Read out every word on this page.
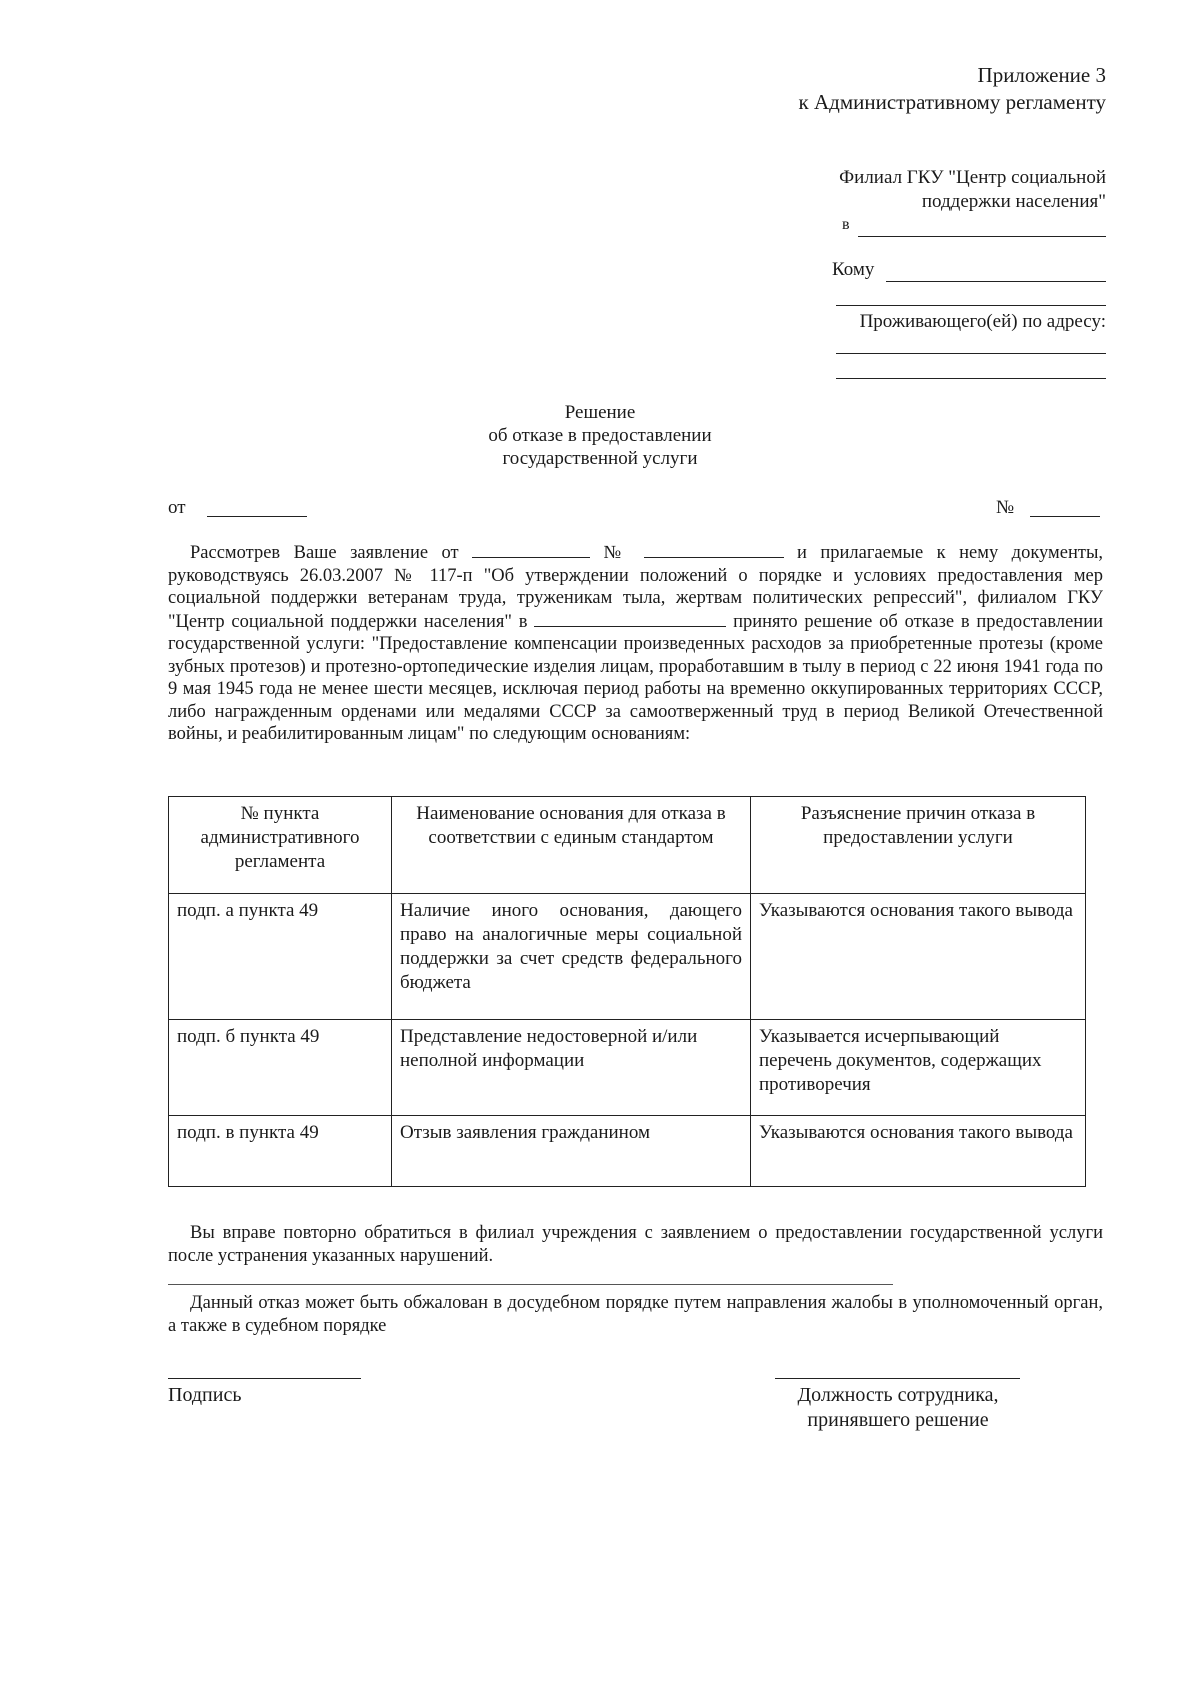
Приложение 3
к Административному регламенту
Филиал ГКУ "Центр социальной
поддержки населения"
в
Кому
Проживающего(ей) по адресу:
Решение
об отказе в предоставлении
государственной услуги
от	№
Рассмотрев Ваше заявление от	№	и прилагаемые к нему документы, руководствуясь 26.03.2007 № 117-п "Об утверждении положений о порядке и условиях предоставления мер социальной поддержки ветеранам труда, труженикам тыла, жертвам политических репрессий", филиалом ГКУ "Центр социальной поддержки населения" в	принято решение об отказе в предоставлении государственной услуги: "Предоставление компенсации произведенных расходов за приобретенные протезы (кроме зубных протезов) и протезно-ортопедические изделия лицам, проработавшим в тылу в период с 22 июня 1941 года по 9 мая 1945 года не менее шести месяцев, исключая период работы на временно оккупированных территориях СССР, либо награжденным орденами или медалями СССР за самоотверженный труд в период Великой Отечественной войны, и реабилитированным лицам" по следующим основаниям:
№ пункта административного регламента	Наименование основания для отказа в соответствии с единым стандартом	Разъяснение причин отказа в предоставлении услуги
подп. а пункта 49	Наличие иного основания, дающего право на аналогичные меры социальной поддержки за счет средств федерального бюджета	Указываются основания такого вывода
подп. б пункта 49	Представление недостоверной и/или неполной информации	Указывается исчерпывающий перечень документов, содержащих противоречия
подп. в пункта 49	Отзыв заявления гражданином	Указываются основания такого вывода
Вы вправе повторно обратиться в филиал учреждения с заявлением о предоставлении государственной услуги после устранения указанных нарушений.
Данный отказ может быть обжалован в досудебном порядке путем направления жалобы в уполномоченный орган, а также в судебном порядке
Подпись	Должность сотрудника,
принявшего решение
